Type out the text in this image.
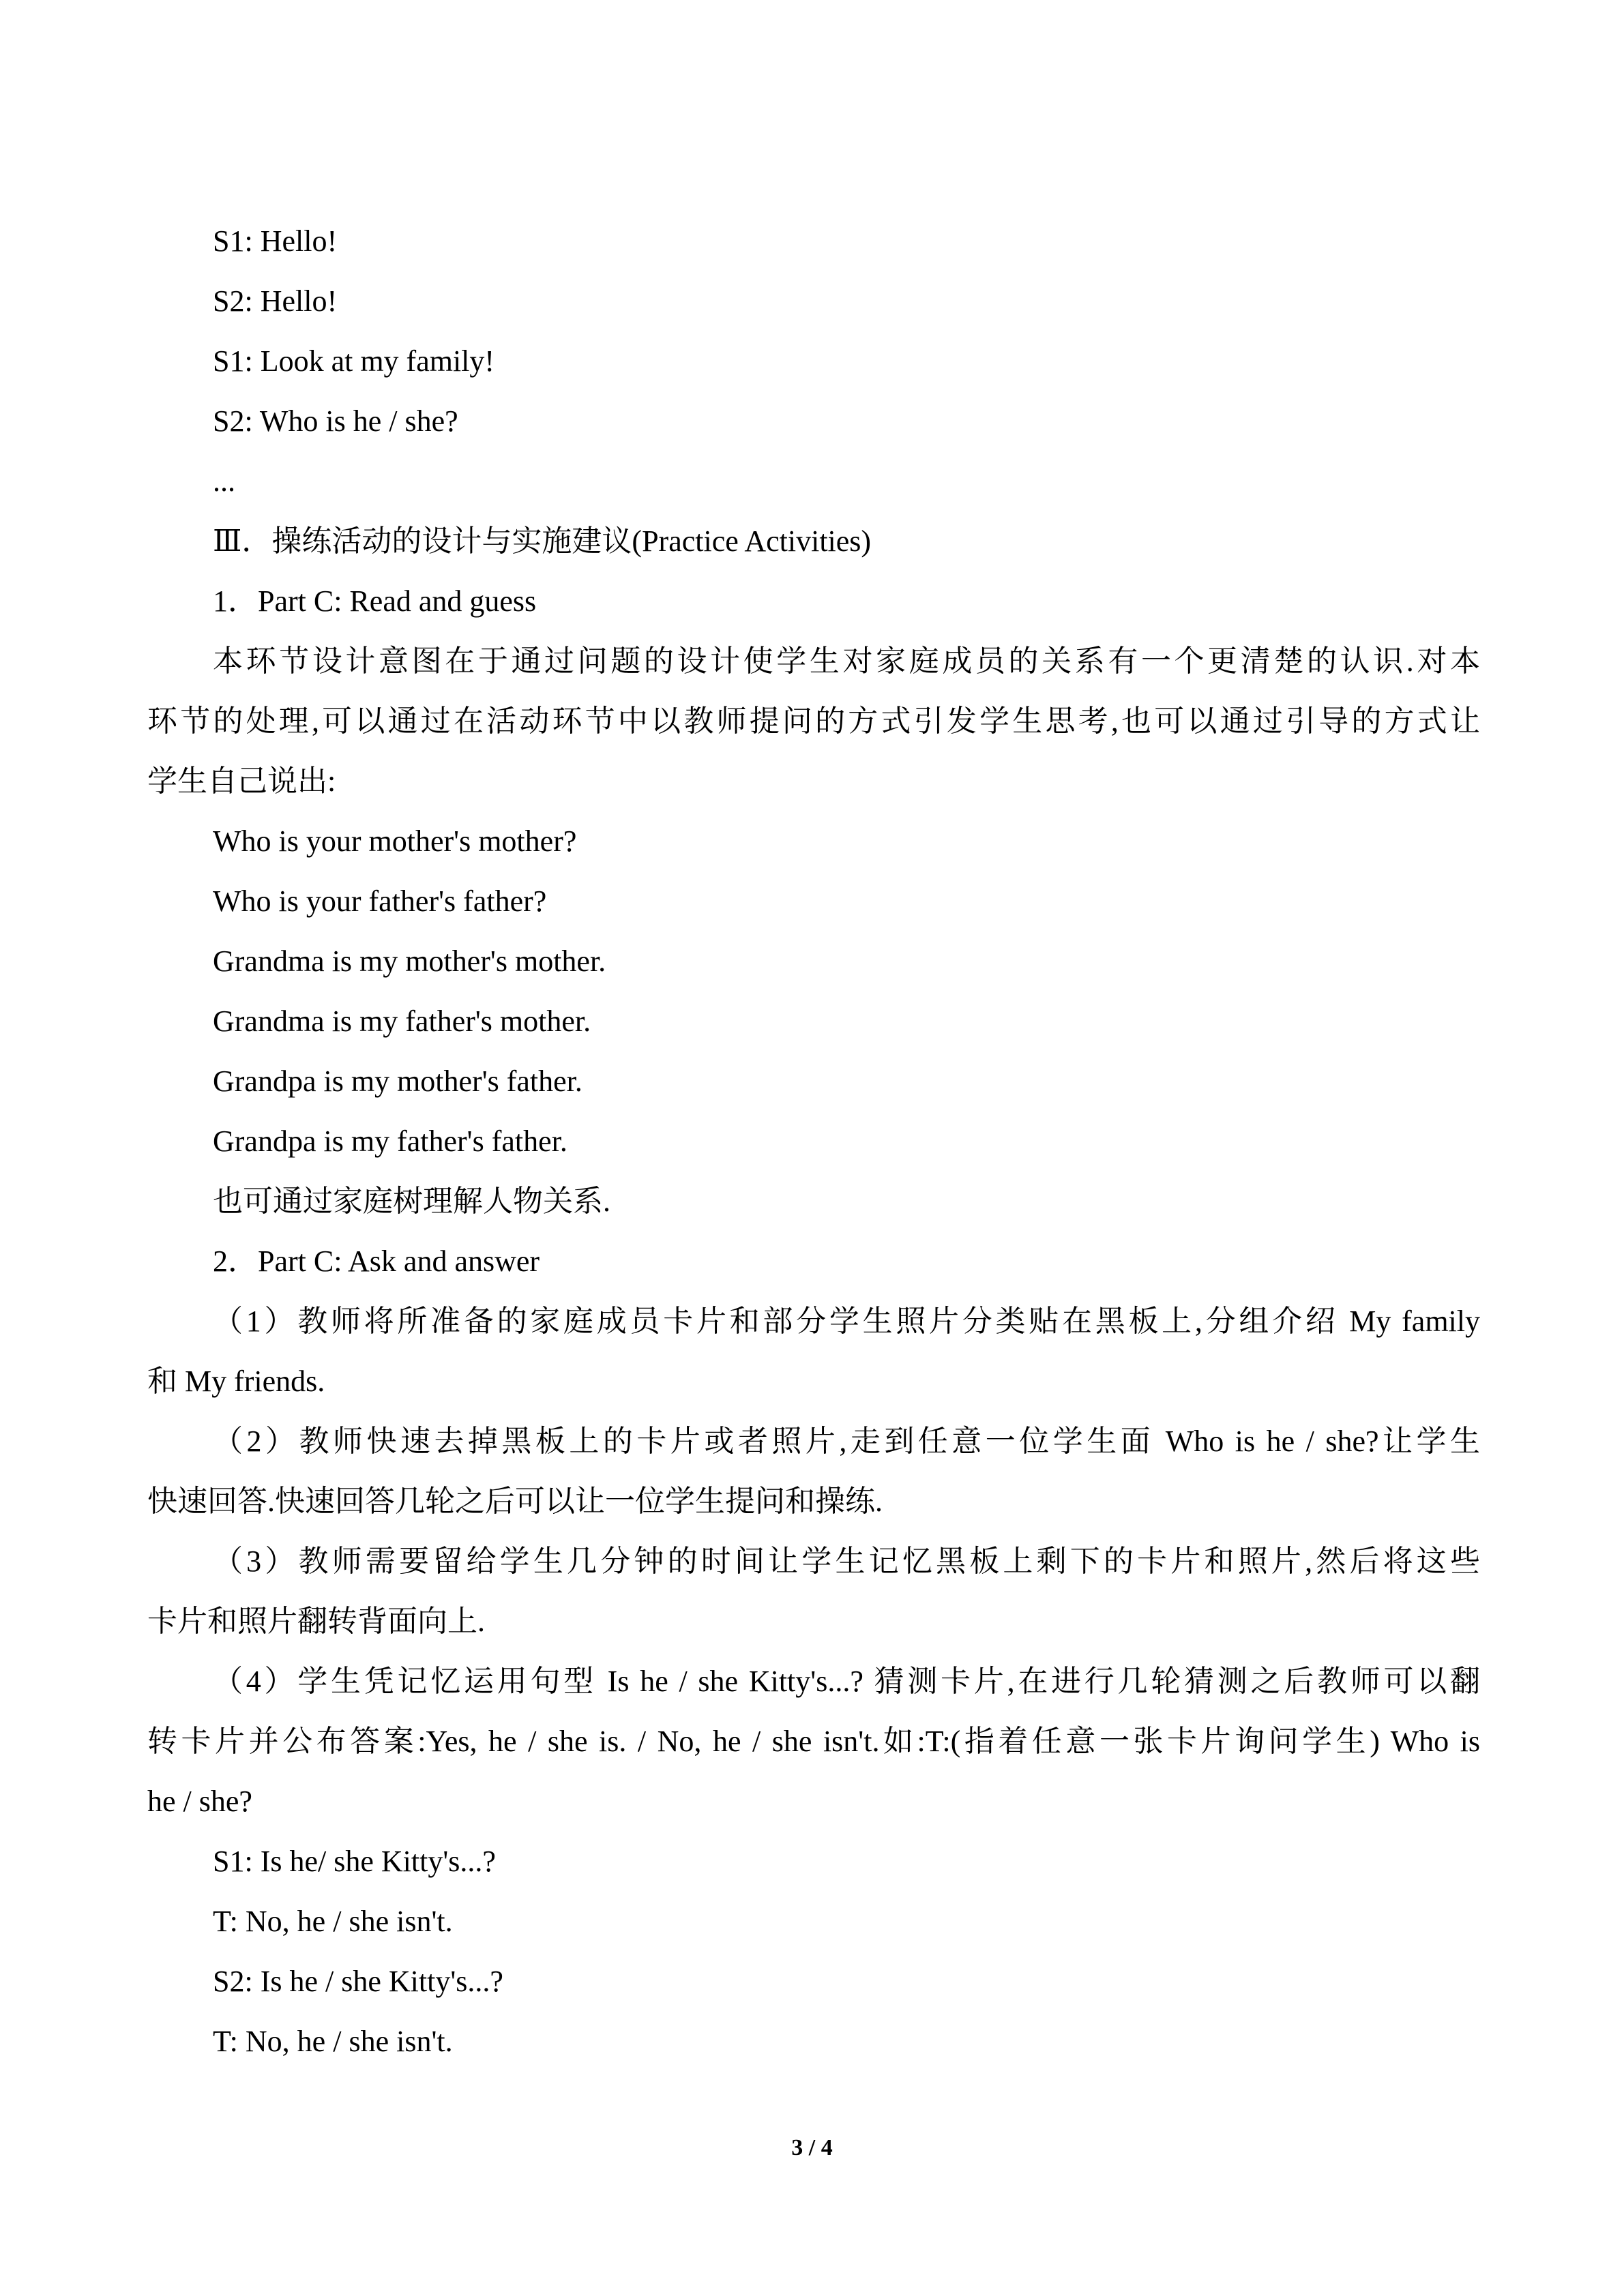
S1: Hello!
S2: Hello!
S1: Look at my family!
S2: Who is he / she?
...
Ⅲ．操练活动的设计与实施建议(Practice Activities)
1．Part C: Read and guess
本环节设计意图在于通过问题的设计使学生对家庭成员的关系有一个更清楚的认识.对本
环节的处理,可以通过在活动环节中以教师提问的方式引发学生思考,也可以通过引导的方式让
学生自己说出:
Who is your mother's mother?
Who is your father's father?
Grandma is my mother's mother.
Grandma is my father's mother.
Grandpa is my mother's father.
Grandpa is my father's father.
也可通过家庭树理解人物关系.
2．Part C: Ask and answer
（1）教师将所准备的家庭成员卡片和部分学生照片分类贴在黑板上,分组介绍 My family
和 My friends.
（2）教师快速去掉黑板上的卡片或者照片,走到任意一位学生面 Who is he / she?让学生
快速回答.快速回答几轮之后可以让一位学生提问和操练.
（3）教师需要留给学生几分钟的时间让学生记忆黑板上剩下的卡片和照片,然后将这些
卡片和照片翻转背面向上.
（4）学生凭记忆运用句型 Is he / she Kitty's...? 猜测卡片,在进行几轮猜测之后教师可以翻
转卡片并公布答案:Yes, he / she is. / No, he / she isn't.如:T:(指着任意一张卡片询问学生) Who is
he / she?
S1: Is he/ she Kitty's...?
T: No, he / she isn't.
S2: Is he / she Kitty's...?
T: No, he / she isn't.
3 / 4
